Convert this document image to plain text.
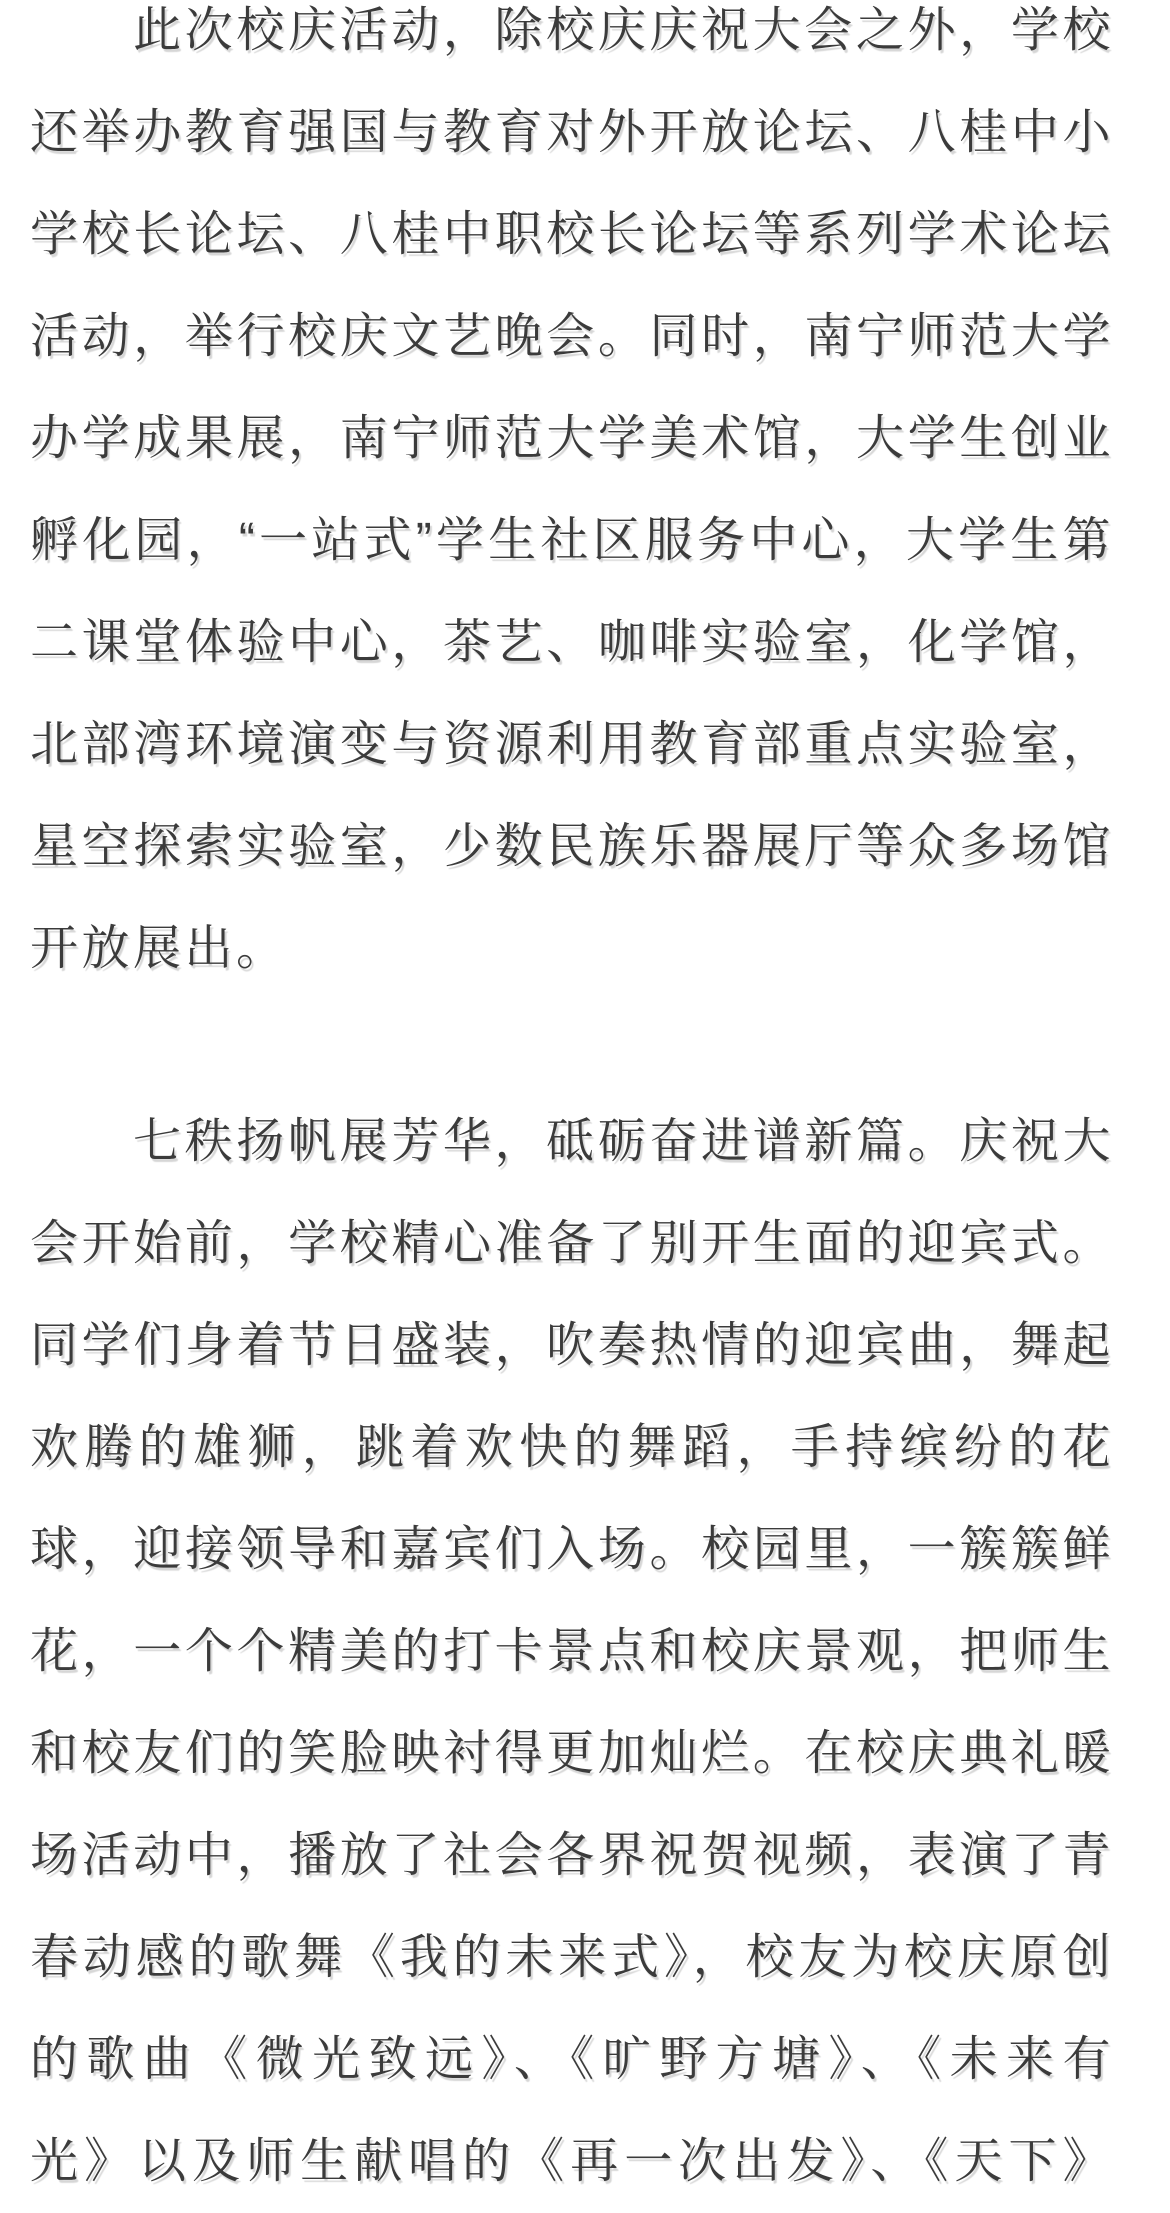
此次校庆活动，除校庆庆祝大会之外，学校
还举办教育强国与教育对外开放论坛、八桂中小
学校长论坛、八桂中职校长论坛等系列学术论坛
活动，举行校庆文艺晚会。同时，南宁师范大学
办学成果展，南宁师范大学美术馆，大学生创业
孵化园，“一站式”学生社区服务中心，大学生第
二课堂体验中心，茶艺、咖啡实验室，化学馆，
北部湾环境演变与资源利用教育部重点实验室，
星空探索实验室，少数民族乐器展厅等众多场馆
开放展出。
七秩扬帆展芳华，砥砺奋进谱新篇。庆祝大
会开始前，学校精心准备了别开生面的迎宾式。
同学们身着节日盛装，吹奏热情的迎宾曲，舞起
欢腾的雄狮，跳着欢快的舞蹈，手持缤纷的花
球，迎接领导和嘉宾们入场。校园里，一簇簇鲜
花，一个个精美的打卡景点和校庆景观，把师生
和校友们的笑脸映衬得更加灿烂。在校庆典礼暖
场活动中，播放了社会各界祝贺视频，表演了青
春动感的歌舞《我的未来式》，校友为校庆原创
的歌曲《微光致远》、《旷野方塘》、《未来有
光》以及师生献唱的《再一次出发》、《天下》
